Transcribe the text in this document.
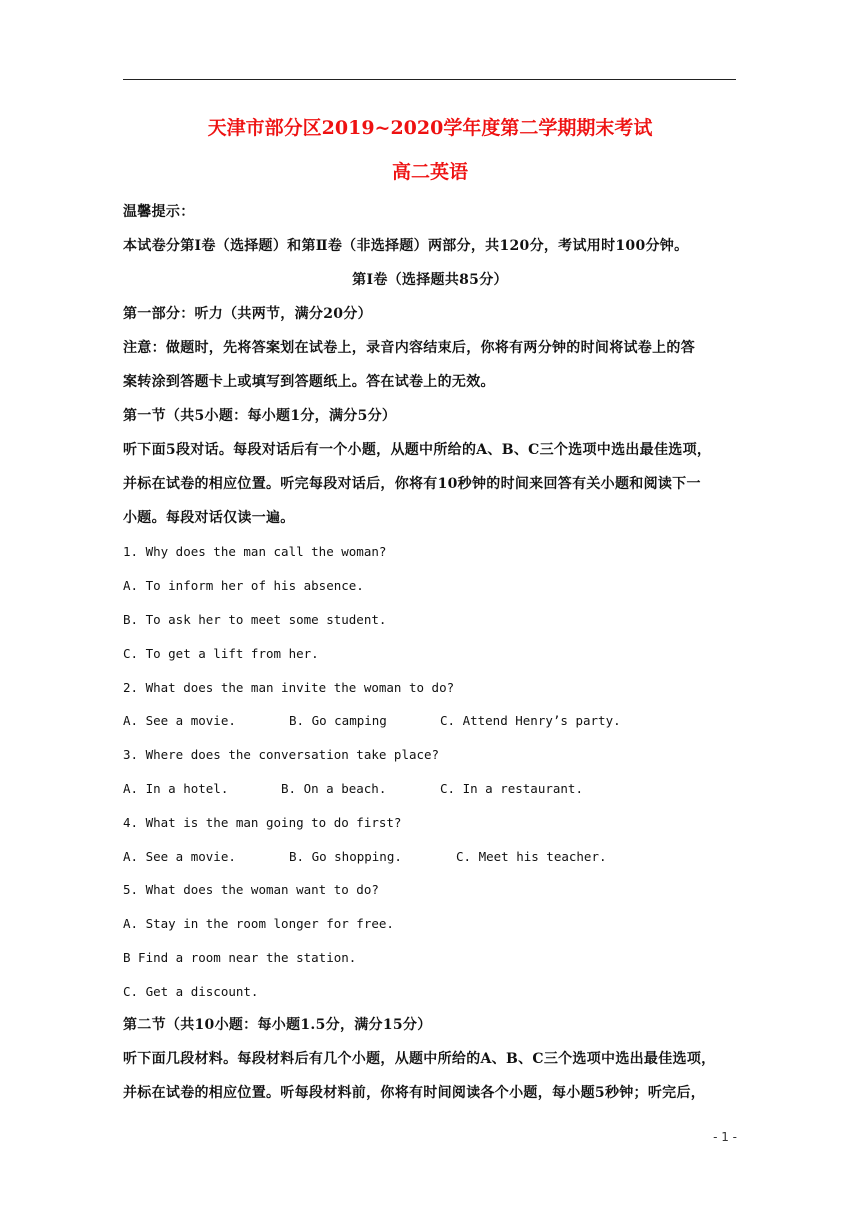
天津市部分区2019~2020学年度第二学期期末考试
高二英语
温馨提示：
本试卷分第Ⅰ卷（选择题）和第Ⅱ卷（非选择题）两部分，共120分，考试用时100分钟。
第Ⅰ卷（选择题共85分）
第一部分：听力（共两节，满分20分）
注意：做题时，先将答案划在试卷上，录音内容结束后，你将有两分钟的时间将试卷上的答
案转涂到答题卡上或填写到答题纸上。答在试卷上的无效。
第一节（共5小题：每小题1分，满分5分）
听下面5段对话。每段对话后有一个小题，从题中所给的A、B、C三个选项中选出最佳选项，
并标在试卷的相应位置。听完每段对话后，你将有10秒钟的时间来回答有关小题和阅读下一
小题。每段对话仅读一遍。
1. Why does the man call the woman?
A. To inform her of his absence.
B. To ask her to meet some student.
C. To get a lift from her.
2. What does the man invite the woman to do?
A. See a movie.	B. Go camping	C. Attend Henry’s party.
3. Where does the conversation take place?
A. In a hotel.	B. On a beach.	C. In a restaurant.
4. What is the man going to do first?
A. See a movie.	B. Go shopping.	C. Meet his teacher.
5. What does the woman want to do?
A. Stay in the room longer for free.
B Find a room near the station.
C. Get a discount.
第二节（共10小题：每小题1.5分，满分15分）
听下面几段材料。每段材料后有几个小题，从题中所给的A、B、C三个选项中选出最佳选项，
并标在试卷的相应位置。听每段材料前，你将有时间阅读各个小题，每小题5秒钟；听完后，
- 1 -
